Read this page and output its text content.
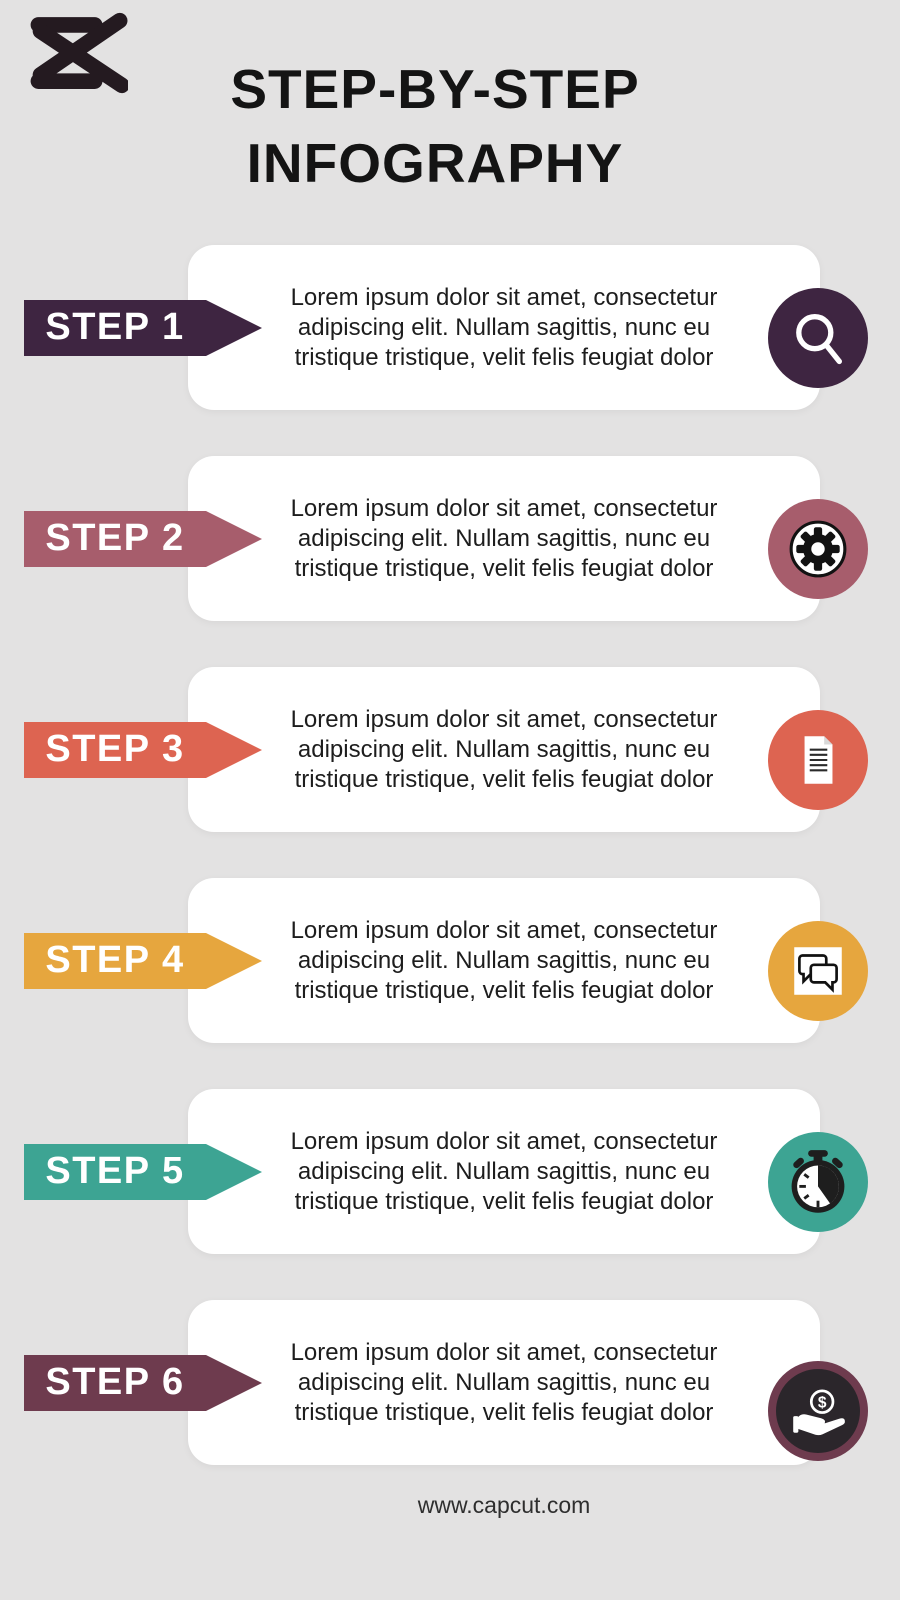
STEP-BY-STEP
INFOGRAPHY

Lorem ipsum dolor sit amet, consectetur adipiscing elit. Nullam sagittis, nunc eu tristique tristique, velit felis feugiat dolor

STEP 1

Lorem ipsum dolor sit amet, consectetur adipiscing elit. Nullam sagittis, nunc eu tristique tristique, velit felis feugiat dolor

STEP 2

Lorem ipsum dolor sit amet, consectetur adipiscing elit. Nullam sagittis, nunc eu tristique tristique, velit felis feugiat dolor

STEP 3

Lorem ipsum dolor sit amet, consectetur adipiscing elit. Nullam sagittis, nunc eu tristique tristique, velit felis feugiat dolor

STEP 4

Lorem ipsum dolor sit amet, consectetur adipiscing elit. Nullam sagittis, nunc eu tristique tristique, velit felis feugiat dolor

STEP 5

Lorem ipsum dolor sit amet, consectetur adipiscing elit. Nullam sagittis, nunc eu tristique tristique, velit felis feugiat dolor

STEP 6	$
www.capcut.com
